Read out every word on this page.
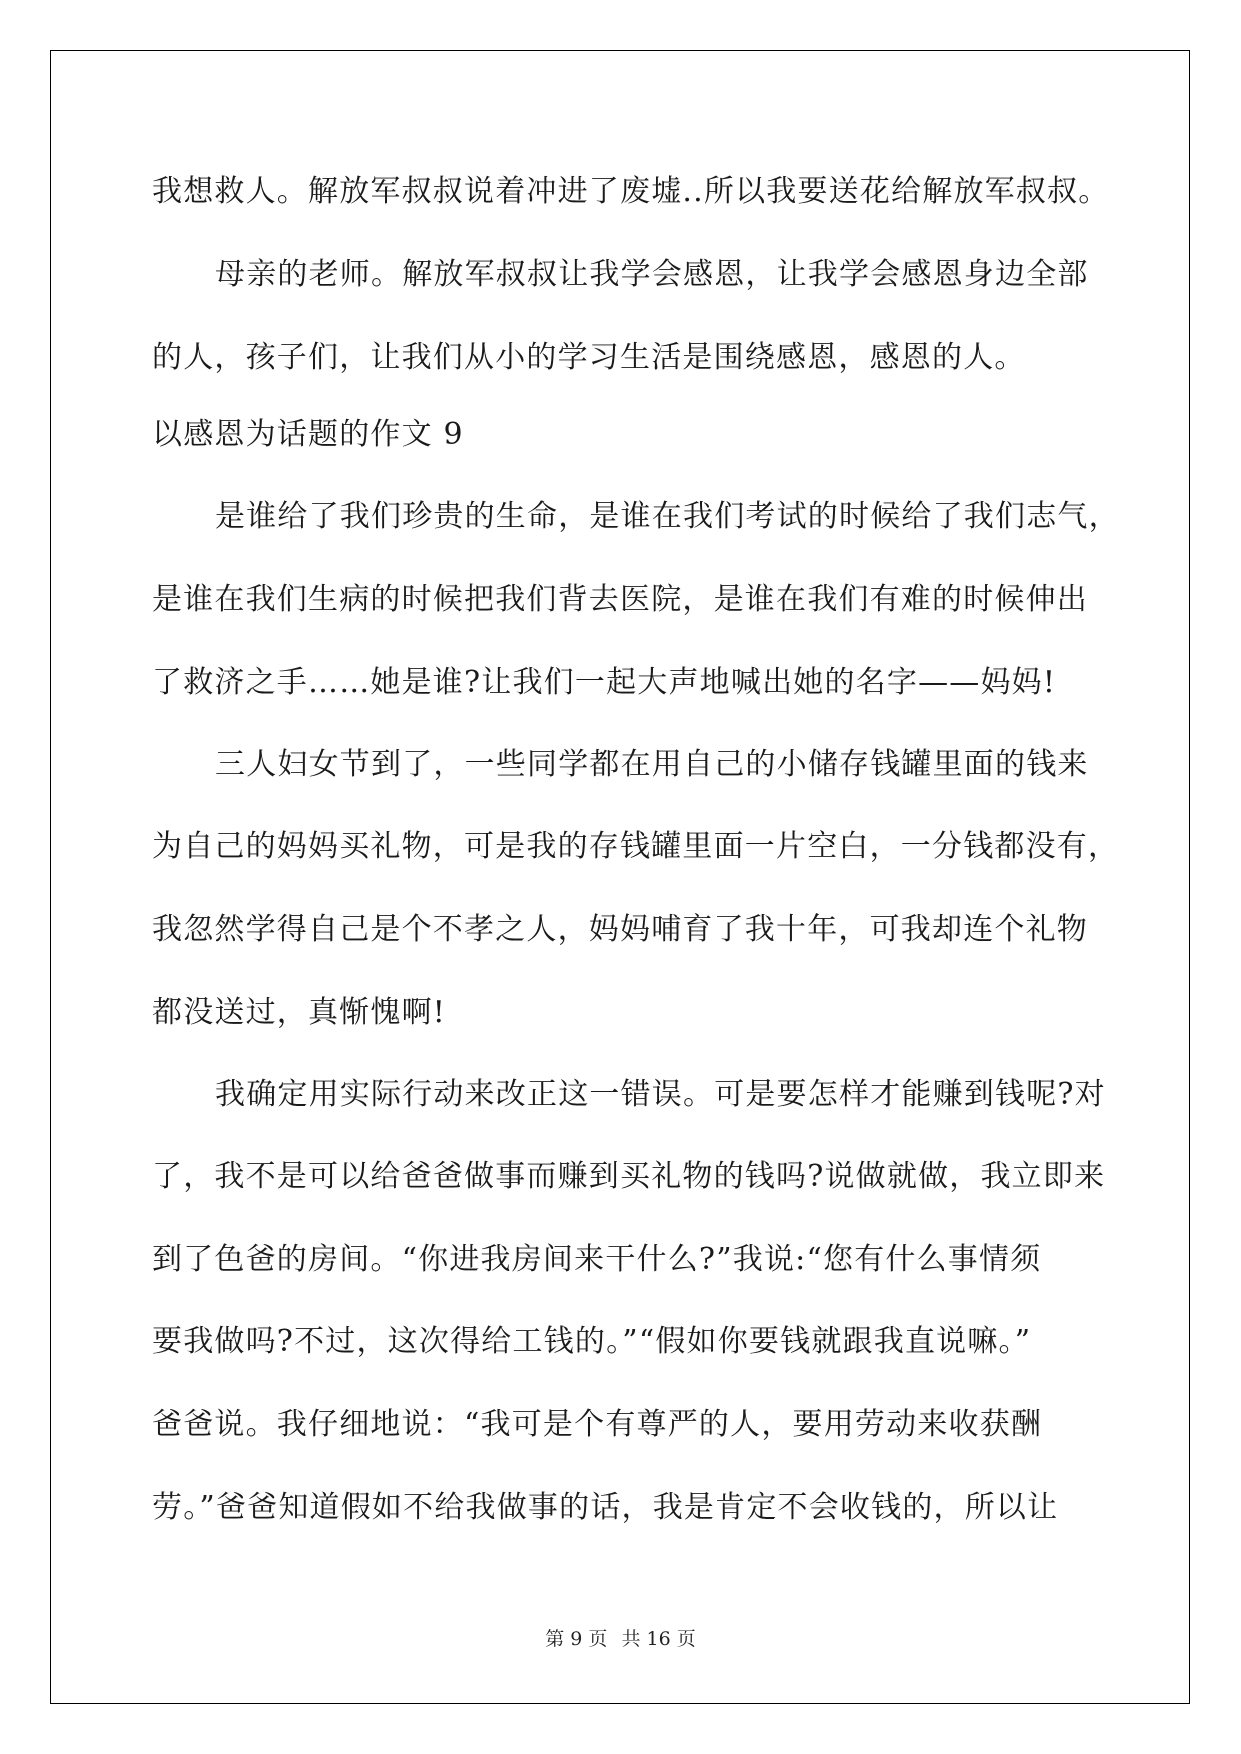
我想救人。解放军叔叔说着冲进了废墟..所以我要送花给解放军叔叔。
母亲的老师。解放军叔叔让我学会感恩，让我学会感恩身边全部
的人，孩子们，让我们从小的学习生活是围绕感恩，感恩的人。
以感恩为话题的作文 9
是谁给了我们珍贵的生命，是谁在我们考试的时候给了我们志气，
是谁在我们生病的时候把我们背去医院，是谁在我们有难的时候伸出
了救济之手……她是谁?让我们一起大声地喊出她的名字——妈妈!
三人妇女节到了，一些同学都在用自己的小储存钱罐里面的钱来
为自己的妈妈买礼物，可是我的存钱罐里面一片空白，一分钱都没有，
我忽然学得自己是个不孝之人，妈妈哺育了我十年，可我却连个礼物
都没送过，真惭愧啊!
我确定用实际行动来改正这一错误。可是要怎样才能赚到钱呢?对
了，我不是可以给爸爸做事而赚到买礼物的钱吗?说做就做，我立即来
到了色爸的房间。“你进我房间来干什么?”我说:“您有什么事情须
要我做吗?不过，这次得给工钱的。”“假如你要钱就跟我直说嘛。”
爸爸说。我仔细地说：“我可是个有尊严的人，要用劳动来收获酬
劳。”爸爸知道假如不给我做事的话，我是肯定不会收钱的，所以让
第 9 页 共 16 页
